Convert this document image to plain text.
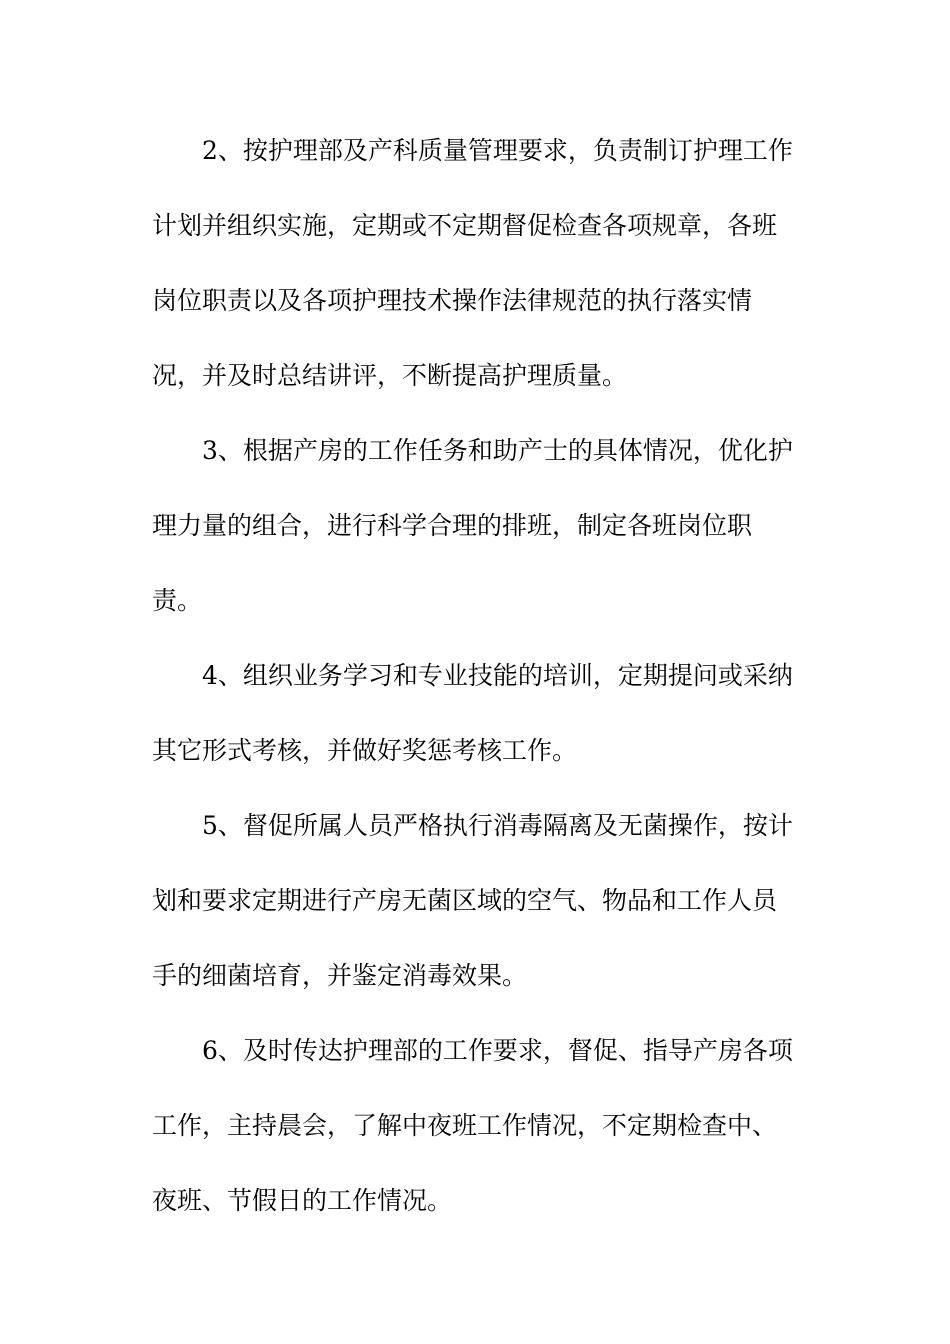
2、按护理部及产科质量管理要求，负责制订护理工作

计划并组织实施，定期或不定期督促检查各项规章，各班

岗位职责以及各项护理技术操作法律规范的执行落实情

况，并及时总结讲评，不断提高护理质量。

3、根据产房的工作任务和助产士的具体情况，优化护

理力量的组合，进行科学合理的排班，制定各班岗位职

责。

4、组织业务学习和专业技能的培训，定期提问或采纳

其它形式考核，并做好奖惩考核工作。

5、督促所属人员严格执行消毒隔离及无菌操作，按计

划和要求定期进行产房无菌区域的空气、物品和工作人员

手的细菌培育，并鉴定消毒效果。

6、及时传达护理部的工作要求，督促、指导产房各项

工作，主持晨会，了解中夜班工作情况，不定期检查中、

夜班、节假日的工作情况。
